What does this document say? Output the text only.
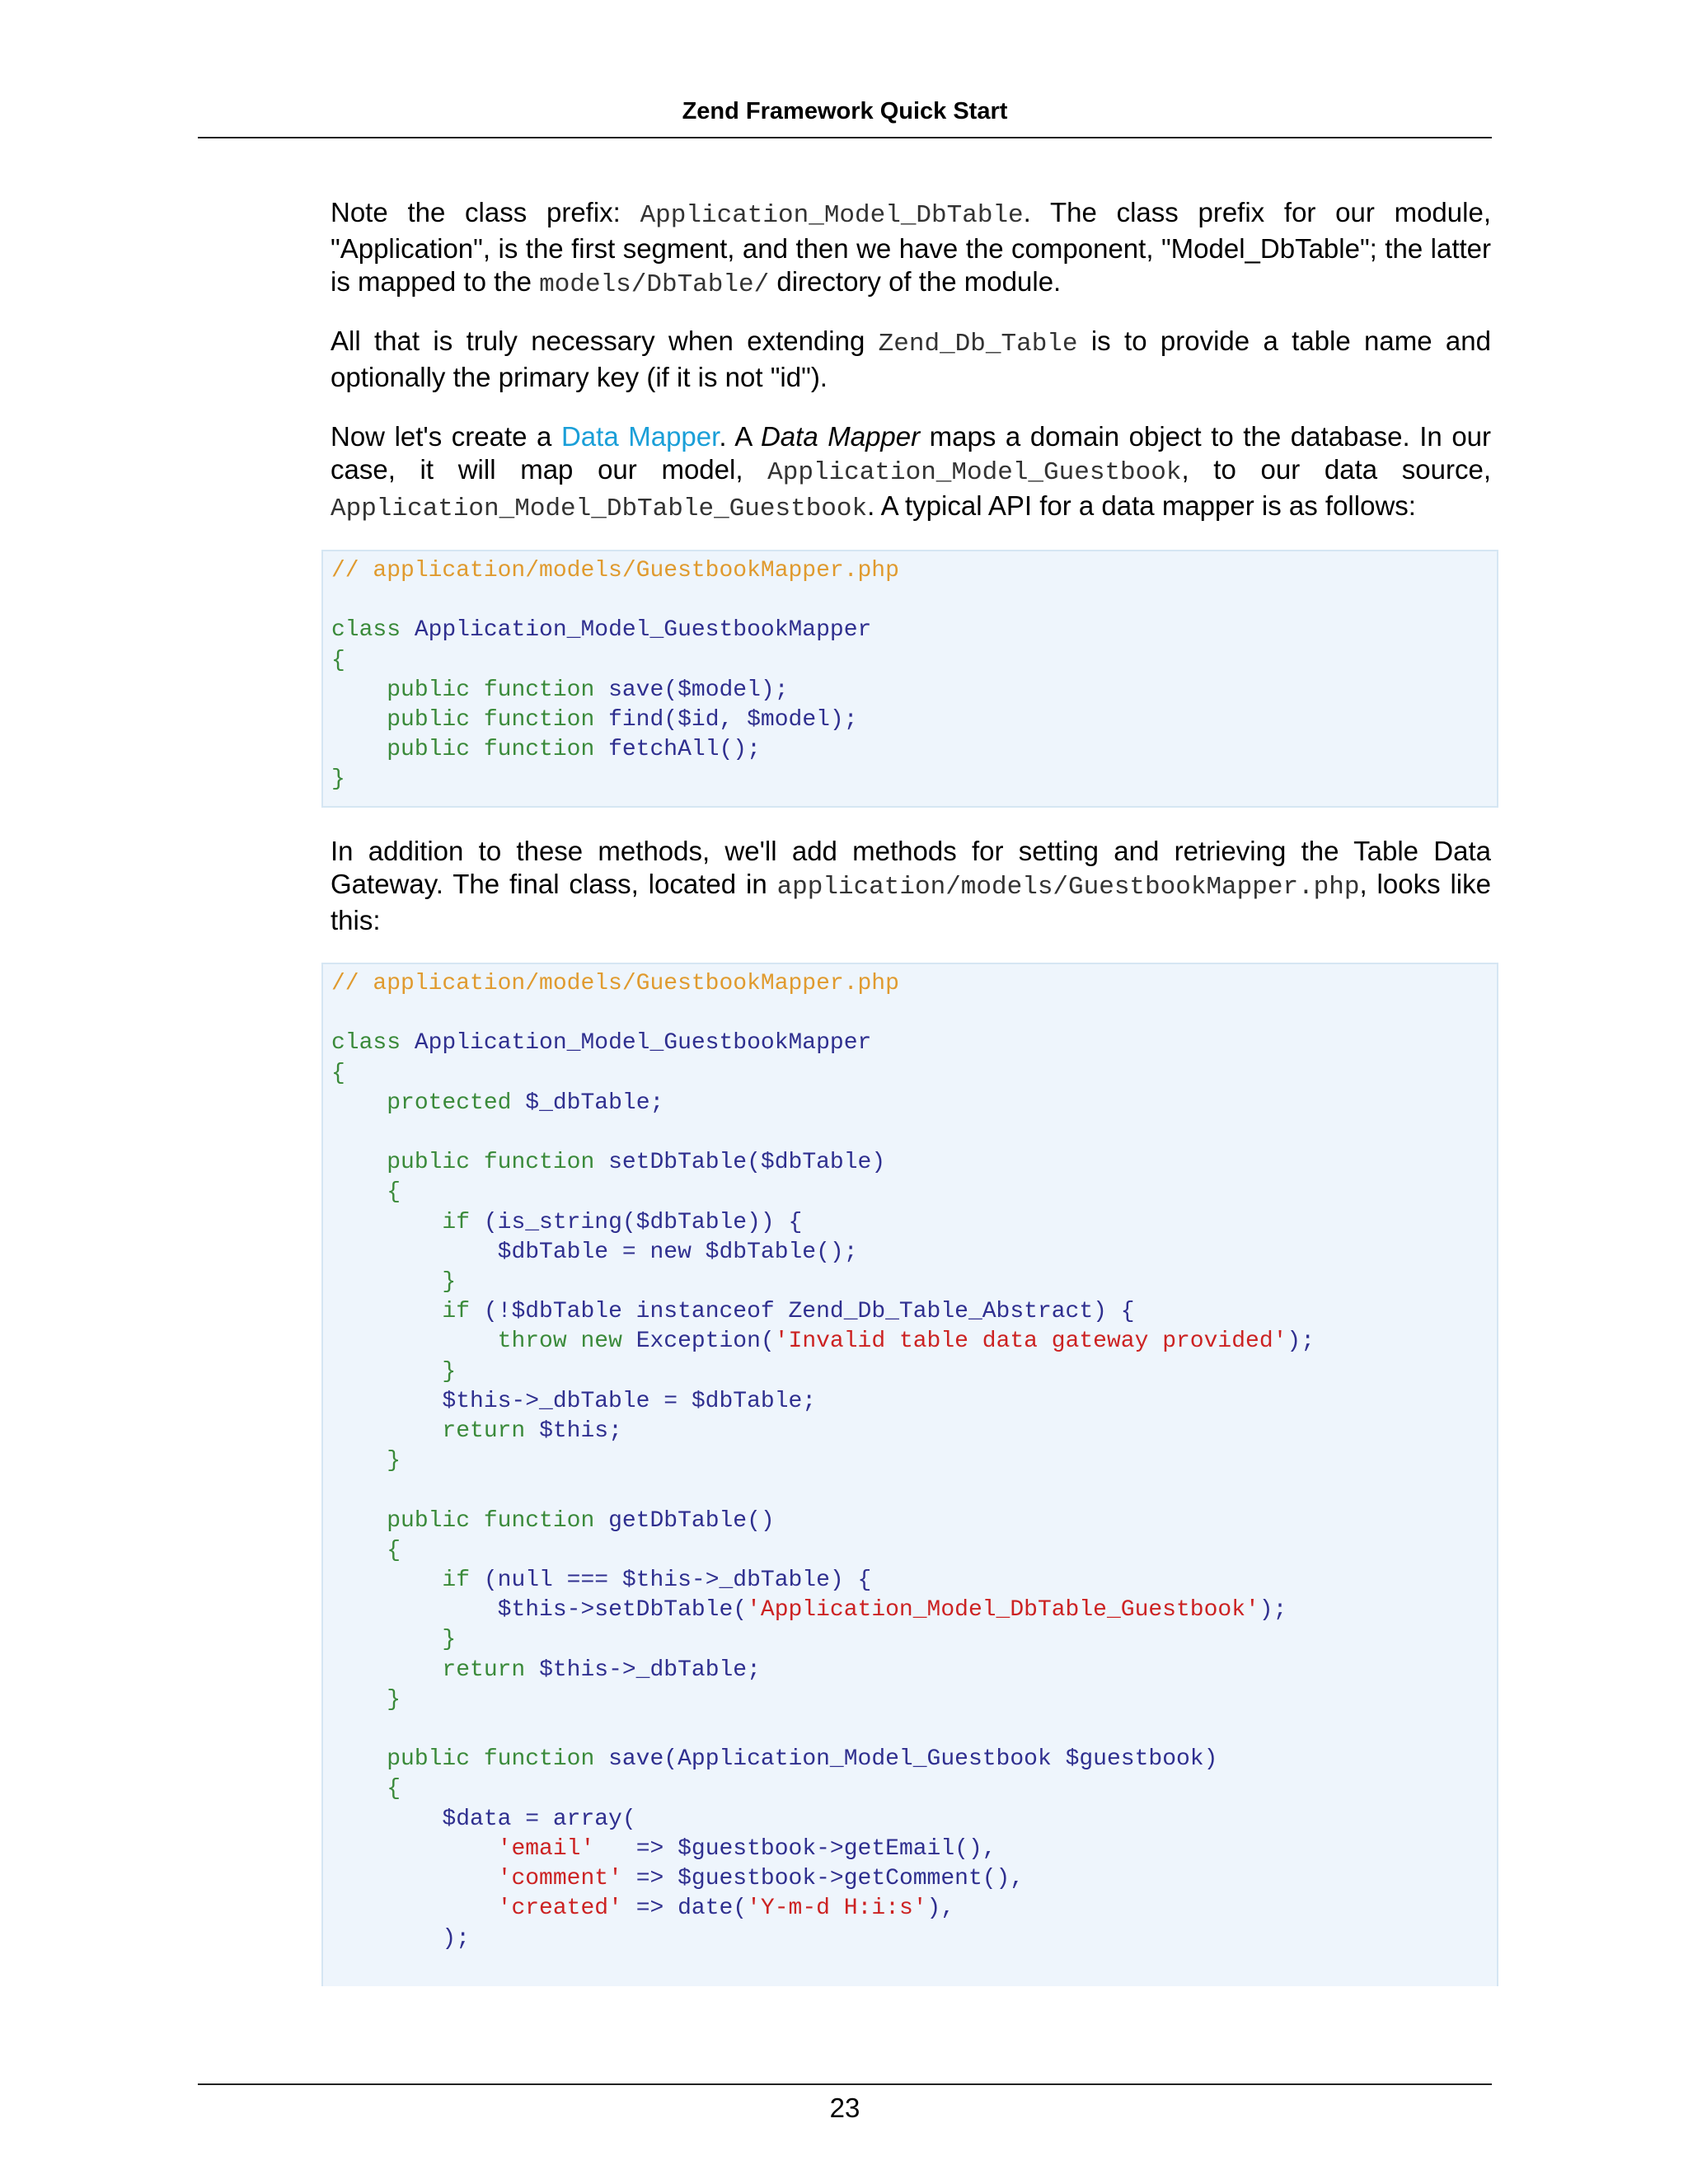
Zend Framework Quick Start

Note the class prefix: Application_Model_DbTable. The class prefix for our module, "Application", is the first segment, and then we have the component, "Model_DbTable"; the latter is mapped to the models/DbTable/ directory of the module.

All that is truly necessary when extending Zend_Db_Table is to provide a table name and optionally the primary key (if it is not "id").

Now let's create a Data Mapper. A Data Mapper maps a domain object to the database. In our case, it will map our model, Application_Model_Guestbook, to our data source, Application_Model_DbTable_Guestbook. A typical API for a data mapper is as follows:

// application/models/GuestbookMapper.php

class Application_Model_GuestbookMapper
{
public function save($model);
public function find($id, $model);
public function fetchAll();
}

In addition to these methods, we'll add methods for setting and retrieving the Table Data Gateway. The final class, located in application/models/GuestbookMapper.php, looks like this:

// application/models/GuestbookMapper.php

class Application_Model_GuestbookMapper
{
protected $_dbTable;

public function setDbTable($dbTable)
{
if (is_string($dbTable)) {
$dbTable = new $dbTable();
}
if (!$dbTable instanceof Zend_Db_Table_Abstract) {
throw new Exception('Invalid table data gateway provided');
}
$this->_dbTable = $dbTable;
return $this;
}

public function getDbTable()
{
if (null === $this->_dbTable) {
$this->setDbTable('Application_Model_DbTable_Guestbook');
}
return $this->_dbTable;
}

public function save(Application_Model_Guestbook $guestbook)
{
$data = array(
'email' => $guestbook->getEmail(),
'comment' => $guestbook->getComment(),
'created' => date('Y-m-d H:i:s'),
);
23
